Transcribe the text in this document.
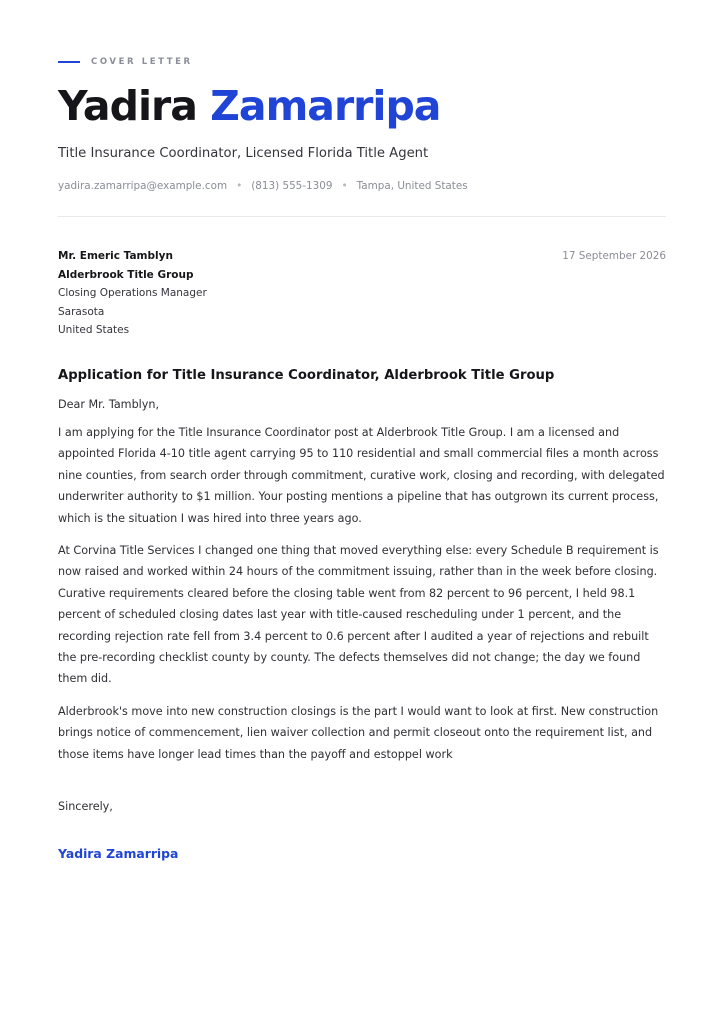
COVER LETTER
Yadira Zamarripa
Title Insurance Coordinator, Licensed Florida Title Agent
yadira.zamarripa@example.com • (813) 555-1309 • Tampa, United States
Mr. Emeric Tamblyn
Alderbrook Title Group
Closing Operations Manager
Sarasota
United States
17 September 2026
Application for Title Insurance Coordinator, Alderbrook Title Group
Dear Mr. Tamblyn,
I am applying for the Title Insurance Coordinator post at Alderbrook Title Group. I am a licensed and appointed Florida 4-10 title agent carrying 95 to 110 residential and small commercial files a month across nine counties, from search order through commitment, curative work, closing and recording, with delegated underwriter authority to $1 million. Your posting mentions a pipeline that has outgrown its current process, which is the situation I was hired into three years ago.
At Corvina Title Services I changed one thing that moved everything else: every Schedule B requirement is now raised and worked within 24 hours of the commitment issuing, rather than in the week before closing. Curative requirements cleared before the closing table went from 82 percent to 96 percent, I held 98.1 percent of scheduled closing dates last year with title-caused rescheduling under 1 percent, and the recording rejection rate fell from 3.4 percent to 0.6 percent after I audited a year of rejections and rebuilt the pre-recording checklist county by county. The defects themselves did not change; the day we found them did.
Alderbrook's move into new construction closings is the part I would want to look at first. New construction brings notice of commencement, lien waiver collection and permit closeout onto the requirement list, and those items have longer lead times than the payoff and estoppel work
Sincerely,
Yadira Zamarripa
